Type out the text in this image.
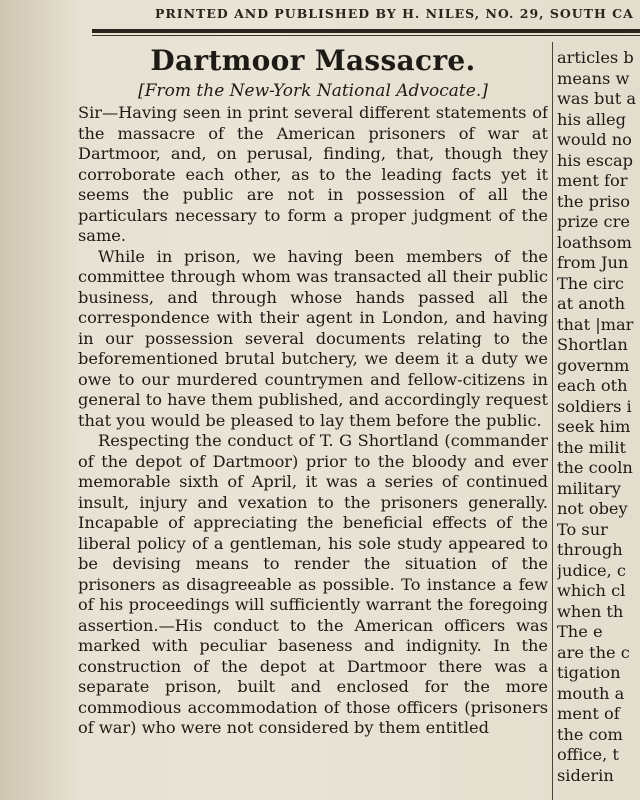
PRINTED AND PUBLISHED BY H. NILES, NO. 29, SOUTH CA
Dartmoor Massacre.
[From the New-York National Advocate.]

Sir—Having seen in print several different statements of the massacre of the American prisoners of war at Dartmoor, and, on perusal, finding, that, though they corroborate each other, as to the leading facts yet it seems the public are not in possession of all the particulars necessary to form a proper judgment of the same.

While in prison, we having been members of the committee through whom was transacted all their public business, and through whose hands passed all the correspondence with their agent in London, and having in our possession several documents relating to the beforementioned brutal butchery, we deem it a duty we owe to our murdered countrymen and fellow-citizens in general to have them published, and accordingly request that you would be pleased to lay them before the public.

Respecting the conduct of T. G Shortland (commander of the depot of Dartmoor) prior to the bloody and ever memorable sixth of April, it was a series of continued insult, injury and vexation to the prisoners generally. Incapable of appreciating the beneficial effects of the liberal policy of a gentleman, his sole study appeared to be devising means to render the situation of the prisoners as disagreeable as possible. To instance a few of his proceedings will sufficiently warrant the foregoing assertion.—His conduct to the American officers was marked with peculiar baseness and indignity. In the construction of the depot at Dartmoor there was a separate prison, built and enclosed for the more commodious accommodation of those officers (prisoners of war) who were not considered by them entitled

articles b
means w
was but a
his alleg
would no
his escap
ment for
the priso
prize cre
loathsom
from Jun
The circ
at anoth
that |mar
Shortlan
governm
each oth
soldiers i
seek him
the milit
the cooln
military
not obey
To sur
through
judice, c
which cl
when th
The e
are the c
tigation
mouth a
ment of
the com
office, t
siderin
